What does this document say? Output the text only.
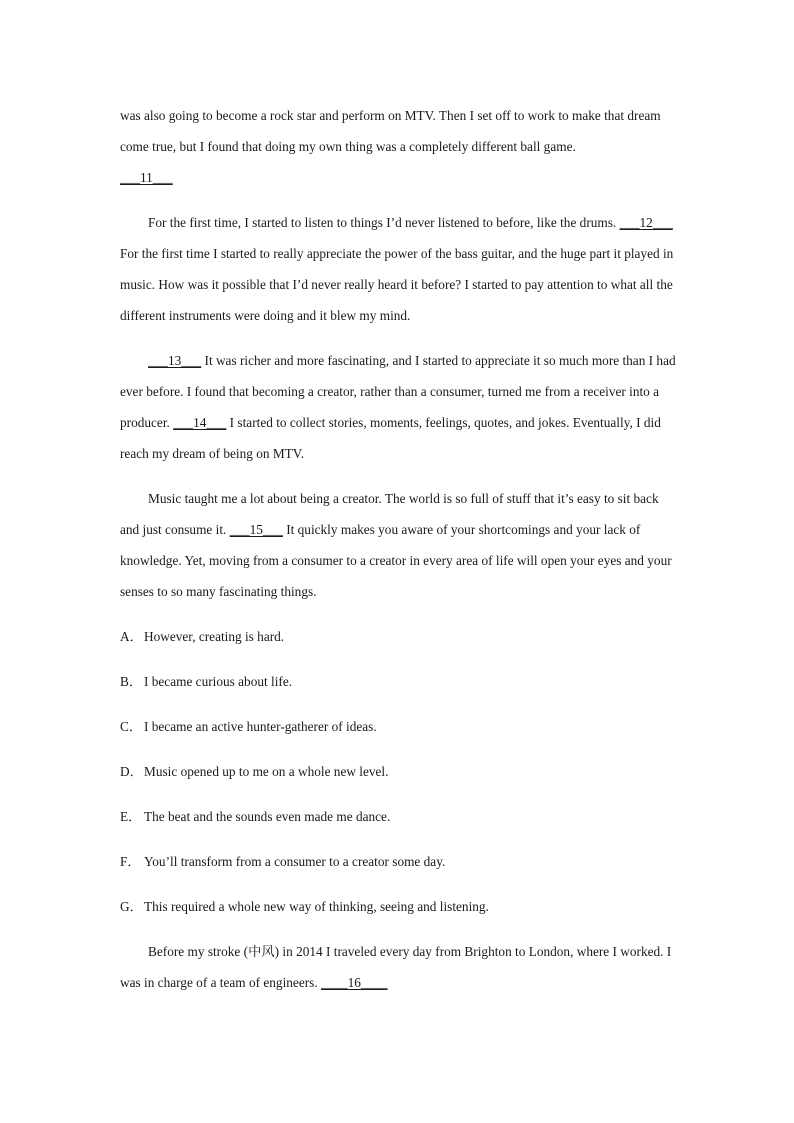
was also going to become a rock star and perform on MTV. Then I set off to work to make that dream come true, but I found that doing my own thing was a completely different ball game.
___11___

For the first time, I started to listen to things I’d never listened to before, like the drums. ___12___ For the first time I started to really appreciate the power of the bass guitar, and the huge part it played in music. How was it possible that I’d never really heard it before? I started to pay attention to what all the different instruments were doing and it blew my mind.

___13___ It was richer and more fascinating, and I started to appreciate it so much more than I had ever before. I found that becoming a creator, rather than a consumer, turned me from a receiver into a producer. ___14___ I started to collect stories, moments, feelings, quotes, and jokes. Eventually, I did reach my dream of being on MTV.

Music taught me a lot about being a creator. The world is so full of stuff that it’s easy to sit back and just consume it. ___15___ It quickly makes you aware of your shortcomings and your lack of knowledge. Yet, moving from a consumer to a creator in every area of life will open your eyes and your senses to so many fascinating things.

A．However, creating is hard.
B． I became curious about life.
C． I became an active hunter-gatherer of ideas.
D．Music opened up to me on a whole new level.
E． The beat and the sounds even made me dance.
F． You’ll transform from a consumer to a creator some day.
G．This required a whole new way of thinking, seeing and listening.

Before my stroke (中风) in 2014 I traveled every day from Brighton to London, where I worked. I was in charge of a team of engineers. ____16____
